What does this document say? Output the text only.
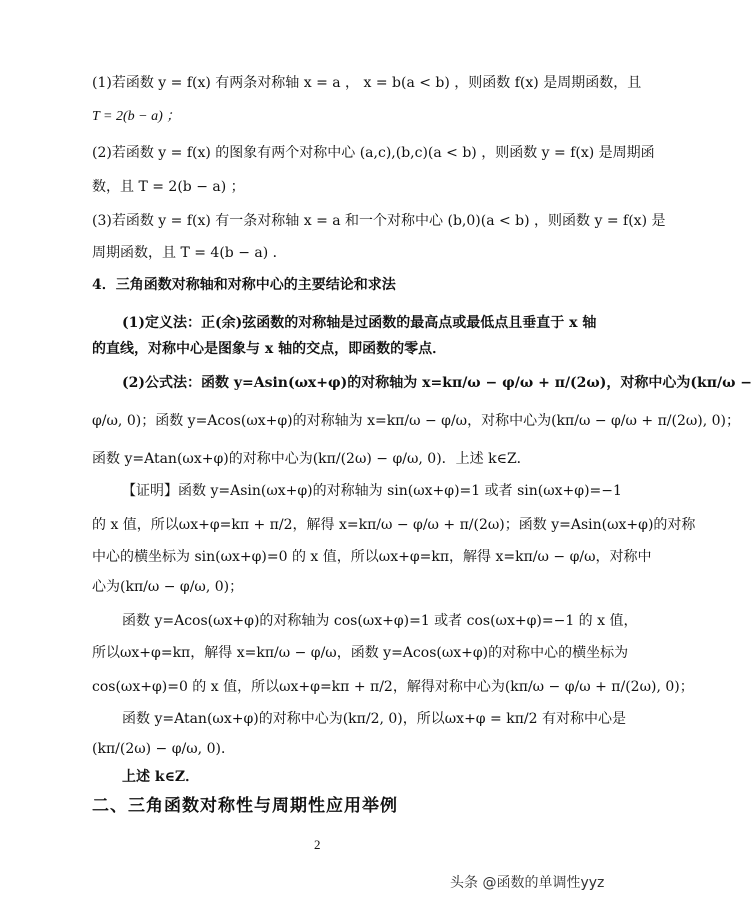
(1)若函数 y = f(x) 有两条对称轴 x = a ， x = b(a < b) ，则函数 f(x) 是周期函数，且
T = 2(b − a) ；
(2)若函数 y = f(x) 的图象有两个对称中心 (a,c),(b,c)(a < b) ，则函数 y = f(x) 是周期函
数，且 T = 2(b − a) ；
(3)若函数 y = f(x) 有一条对称轴 x = a 和一个对称中心 (b,0)(a < b) ，则函数 y = f(x) 是
周期函数，且 T = 4(b − a) ．
4．三角函数对称轴和对称中心的主要结论和求法
(1)定义法：正(余)弦函数的对称轴是过函数的最高点或最低点且垂直于 x 轴
的直线，对称中心是图象与 x 轴的交点，即函数的零点．
(2)公式法：函数 y=Asin(ωx+φ)的对称轴为 x=kπ/ω − φ/ω + π/(2ω)，对称中心为(kπ/ω −
φ/ω, 0)；函数 y=Acos(ωx+φ)的对称轴为 x=kπ/ω − φ/ω，对称中心为(kπ/ω − φ/ω + π/(2ω), 0)；
函数 y=Atan(ωx+φ)的对称中心为(kπ/(2ω) − φ/ω, 0)．上述 k∈Z．
【证明】函数 y=Asin(ωx+φ)的对称轴为 sin(ωx+φ)=1 或者 sin(ωx+φ)=−1
的 x 值，所以ωx+φ=kπ + π/2，解得 x=kπ/ω − φ/ω + π/(2ω)；函数 y=Asin(ωx+φ)的对称
中心的横坐标为 sin(ωx+φ)=0 的 x 值，所以ωx+φ=kπ，解得 x=kπ/ω − φ/ω，对称中
心为(kπ/ω − φ/ω, 0)；
函数 y=Acos(ωx+φ)的对称轴为 cos(ωx+φ)=1 或者 cos(ωx+φ)=−1 的 x 值，
所以ωx+φ=kπ，解得 x=kπ/ω − φ/ω，函数 y=Acos(ωx+φ)的对称中心的横坐标为
cos(ωx+φ)=0 的 x 值，所以ωx+φ=kπ + π/2，解得对称中心为(kπ/ω − φ/ω + π/(2ω), 0)；
函数 y=Atan(ωx+φ)的对称中心为(kπ/2, 0)，所以ωx+φ = kπ/2 有对称中心是
(kπ/(2ω) − φ/ω, 0)．
上述 k∈Z．
二、三角函数对称性与周期性应用举例
2
头条 @函数的单调性yyz
